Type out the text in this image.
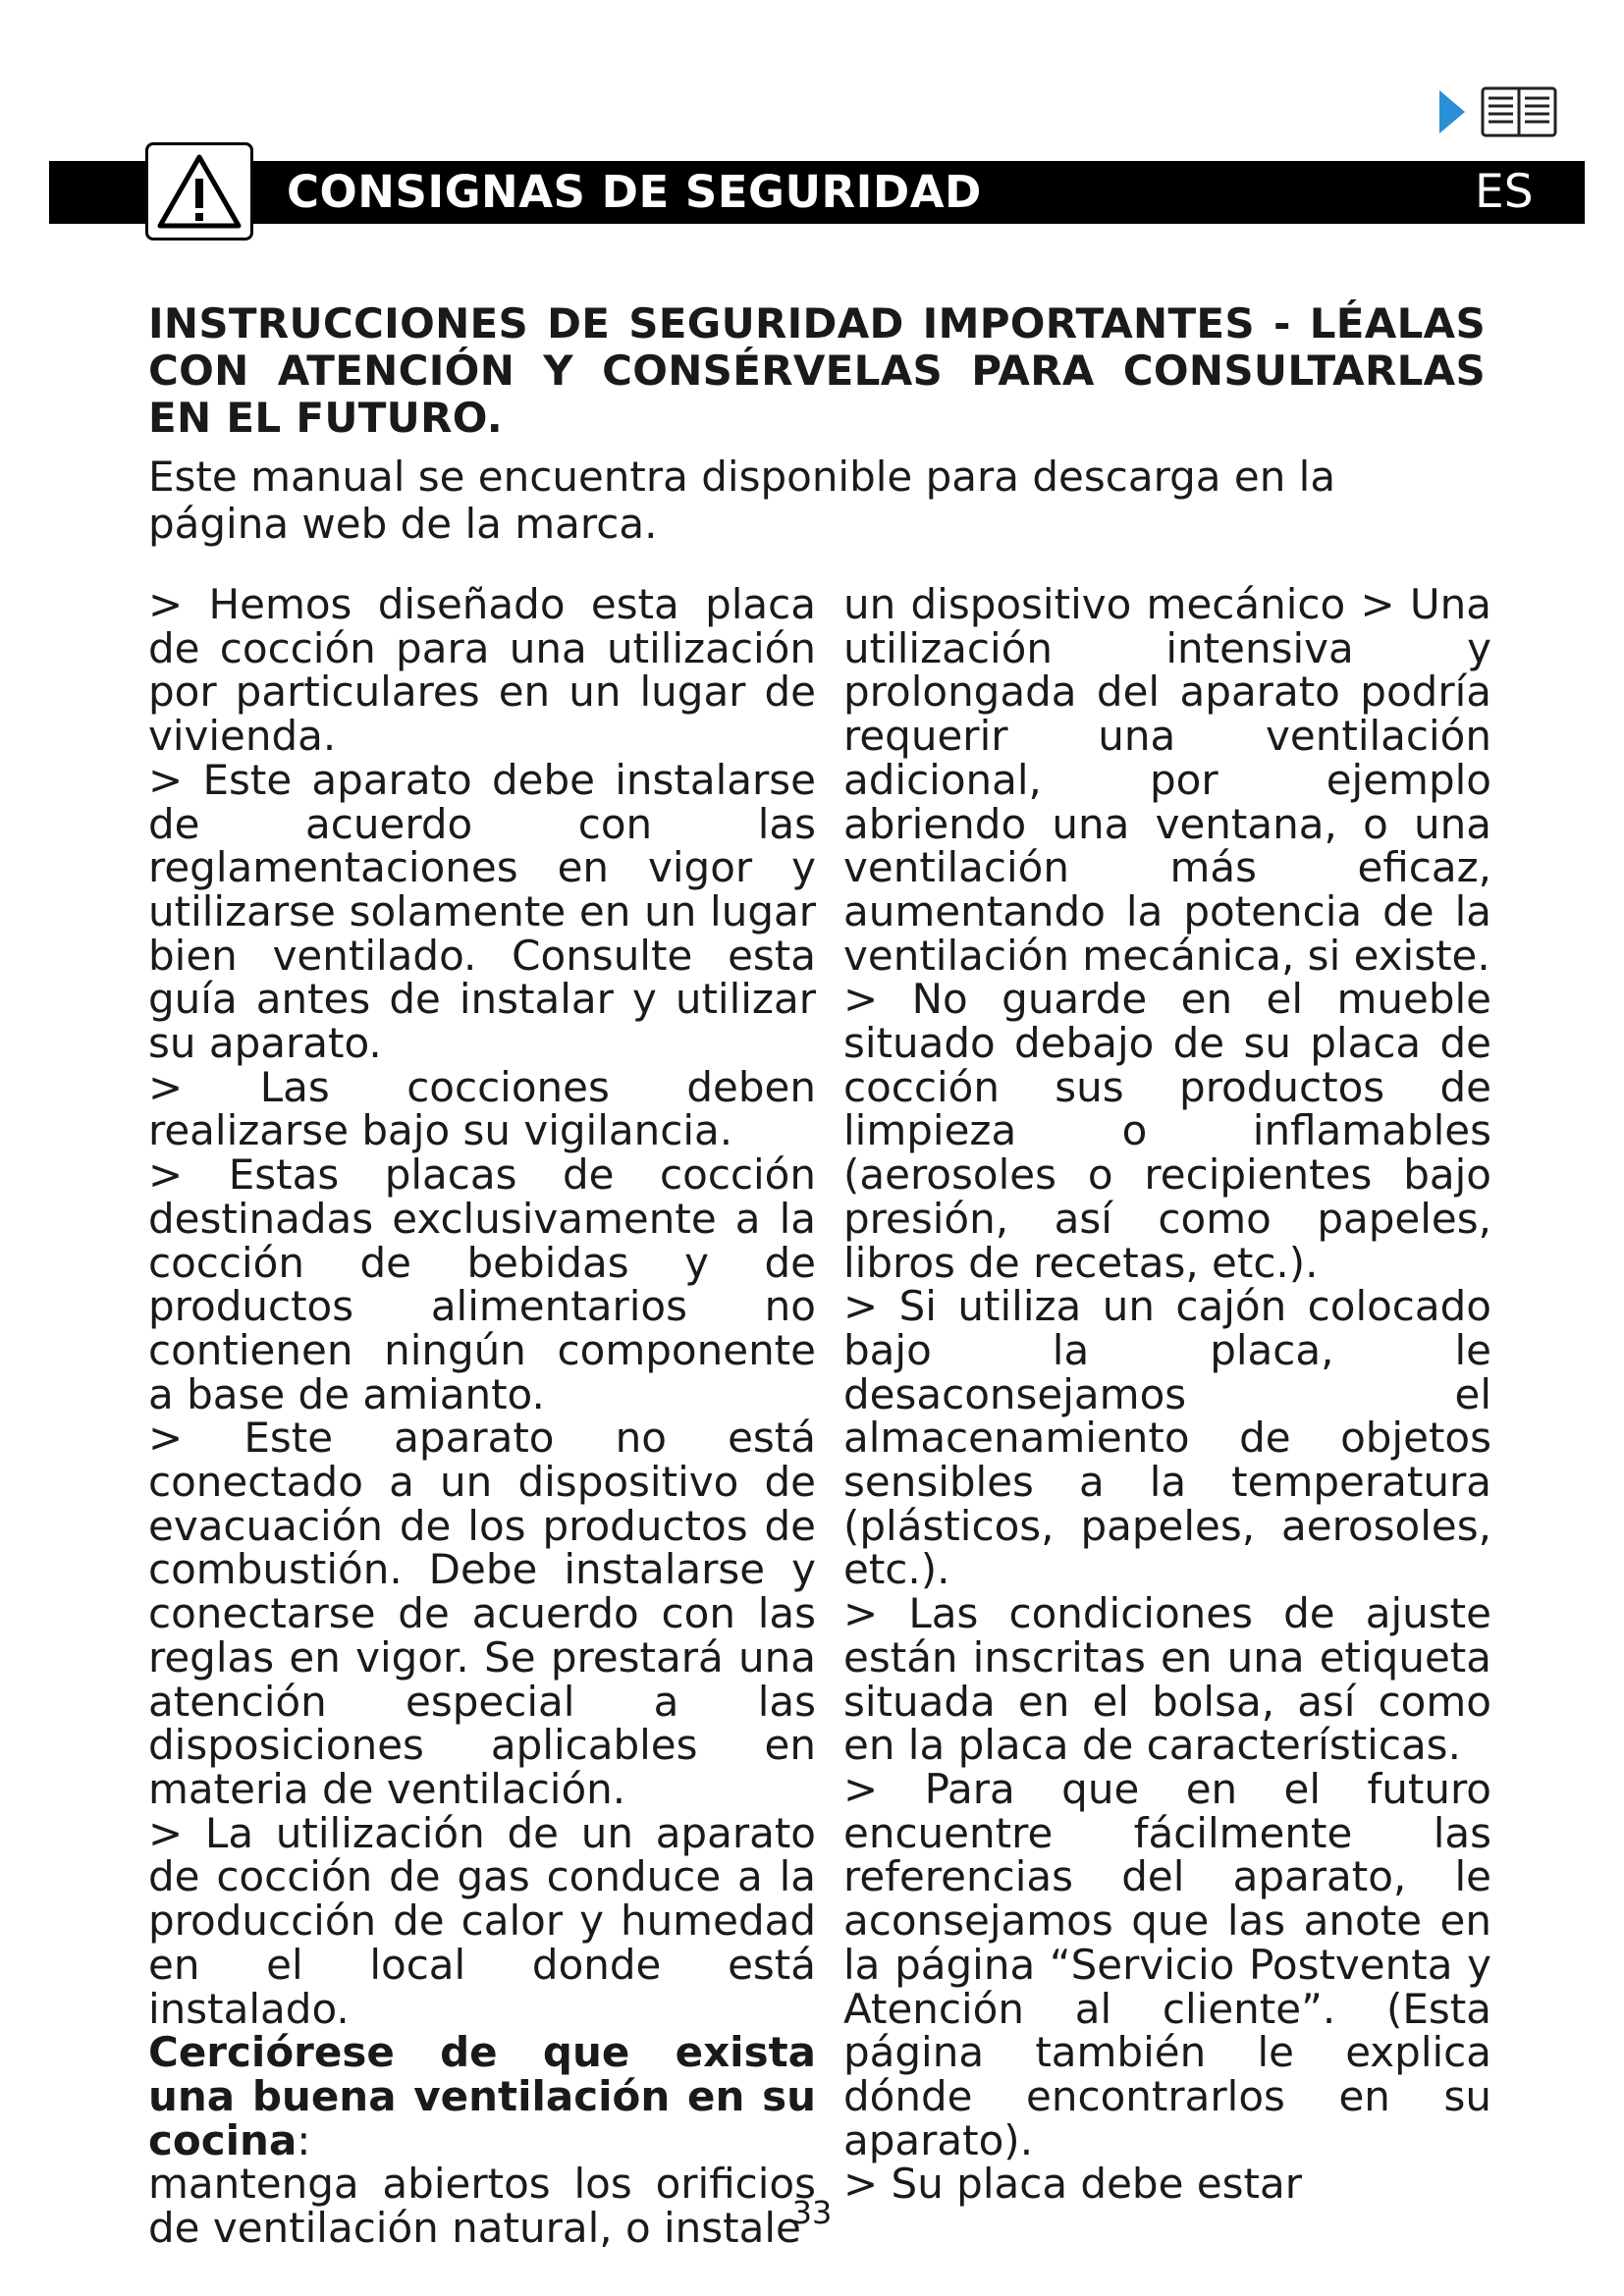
CONSIGNAS DE SEGURIDAD	ES

INSTRUCCIONES DE SEGURIDAD IMPORTANTES - LÉALAS CON ATENCIÓN Y CONSÉRVELAS PARA CONSULTARLAS EN EL FUTURO.

Este manual se encuentra disponible para descarga en la página web de la marca.

> Hemos diseñado esta placa de cocción para una utilización por particulares en un lugar de vivienda.

> Este aparato debe instalarse de acuerdo con las reglamentaciones en vigor y utilizarse solamente en un lugar bien ventilado. Consulte esta guía antes de instalar y utilizar su aparato.

> Las cocciones deben realizarse bajo su vigilancia.

> Estas placas de cocción destinadas exclusivamente a la cocción de bebidas y de productos alimentarios no contienen ningún componente a base de amianto.

> Este aparato no está conectado a un dispositivo de evacuación de los productos de combustión. Debe instalarse y conectarse de acuerdo con las reglas en vigor. Se prestará una atención especial a las disposiciones aplicables en materia de ventilación.

> La utilización de un aparato de cocción de gas conduce a la producción de calor y humedad en el local donde está instalado.

Cerciórese de que exista una buena ventilación en su cocina:

mantenga abiertos los orificios de ventilación natural, o instale

un dispositivo mecánico > Una utilización intensiva y prolongada del aparato podría requerir una ventilación adicional, por ejemplo abriendo una ventana, o una ventilación más eficaz, aumentando la potencia de la ventilación mecánica, si existe.

> No guarde en el mueble situado debajo de su placa de cocción sus productos de limpieza o inflamables (aerosoles o recipientes bajo presión, así como papeles, libros de recetas, etc.).

> Si utiliza un cajón colocado bajo la placa, le desaconsejamos el almacenamiento de objetos sensibles a la temperatura (plásticos, papeles, aerosoles, etc.).

> Las condiciones de ajuste están inscritas en una etiqueta situada en el bolsa, así como en la placa de características.

> Para que en el futuro encuentre fácilmente las referencias del aparato, le aconsejamos que las anote en la página “Servicio Postventa y Atención al cliente”. (Esta página también le explica dónde encontrarlos en su aparato).

> Su placa debe estar

33
